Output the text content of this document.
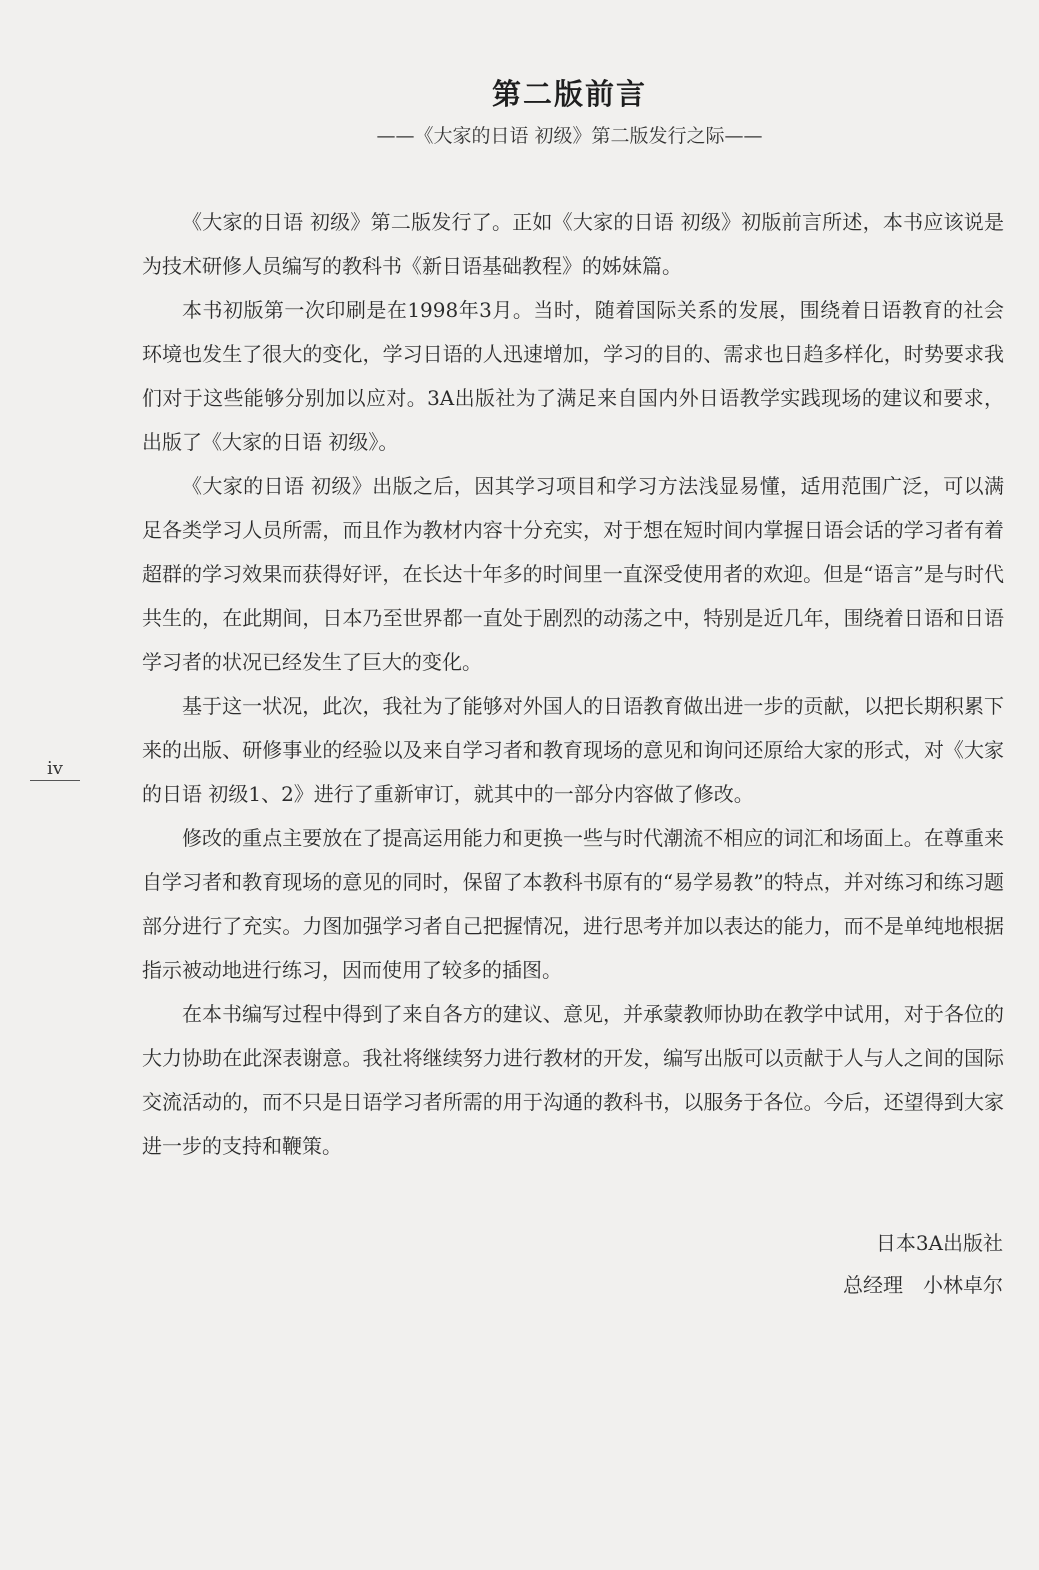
第二版前言
——《大家的日语 初级》第二版发行之际——

《大家的日语 初级》第二版发行了。正如《大家的日语 初级》初版前言所述，本书应该说是为技术研修人员编写的教科书《新日语基础教程》的姊妹篇。

本书初版第一次印刷是在1998年3月。当时，随着国际关系的发展，围绕着日语教育的社会环境也发生了很大的变化，学习日语的人迅速增加，学习的目的、需求也日趋多样化，时势要求我们对于这些能够分别加以应对。3A出版社为了满足来自国内外日语教学实践现场的建议和要求，出版了《大家的日语 初级》。

《大家的日语 初级》出版之后，因其学习项目和学习方法浅显易懂，适用范围广泛，可以满足各类学习人员所需，而且作为教材内容十分充实，对于想在短时间内掌握日语会话的学习者有着超群的学习效果而获得好评，在长达十年多的时间里一直深受使用者的欢迎。但是“语言”是与时代共生的，在此期间，日本乃至世界都一直处于剧烈的动荡之中，特别是近几年，围绕着日语和日语学习者的状况已经发生了巨大的变化。

基于这一状况，此次，我社为了能够对外国人的日语教育做出进一步的贡献，以把长期积累下来的出版、研修事业的经验以及来自学习者和教育现场的意见和询问还原给大家的形式，对《大家的日语 初级1、2》进行了重新审订，就其中的一部分内容做了修改。

修改的重点主要放在了提高运用能力和更换一些与时代潮流不相应的词汇和场面上。在尊重来自学习者和教育现场的意见的同时，保留了本教科书原有的“易学易教”的特点，并对练习和练习题部分进行了充实。力图加强学习者自己把握情况，进行思考并加以表达的能力，而不是单纯地根据指示被动地进行练习，因而使用了较多的插图。

在本书编写过程中得到了来自各方的建议、意见，并承蒙教师协助在教学中试用，对于各位的大力协助在此深表谢意。我社将继续努力进行教材的开发，编写出版可以贡献于人与人之间的国际交流活动的，而不只是日语学习者所需的用于沟通的教科书，以服务于各位。今后，还望得到大家进一步的支持和鞭策。

iv
日本3A出版社
总经理　小林卓尔
